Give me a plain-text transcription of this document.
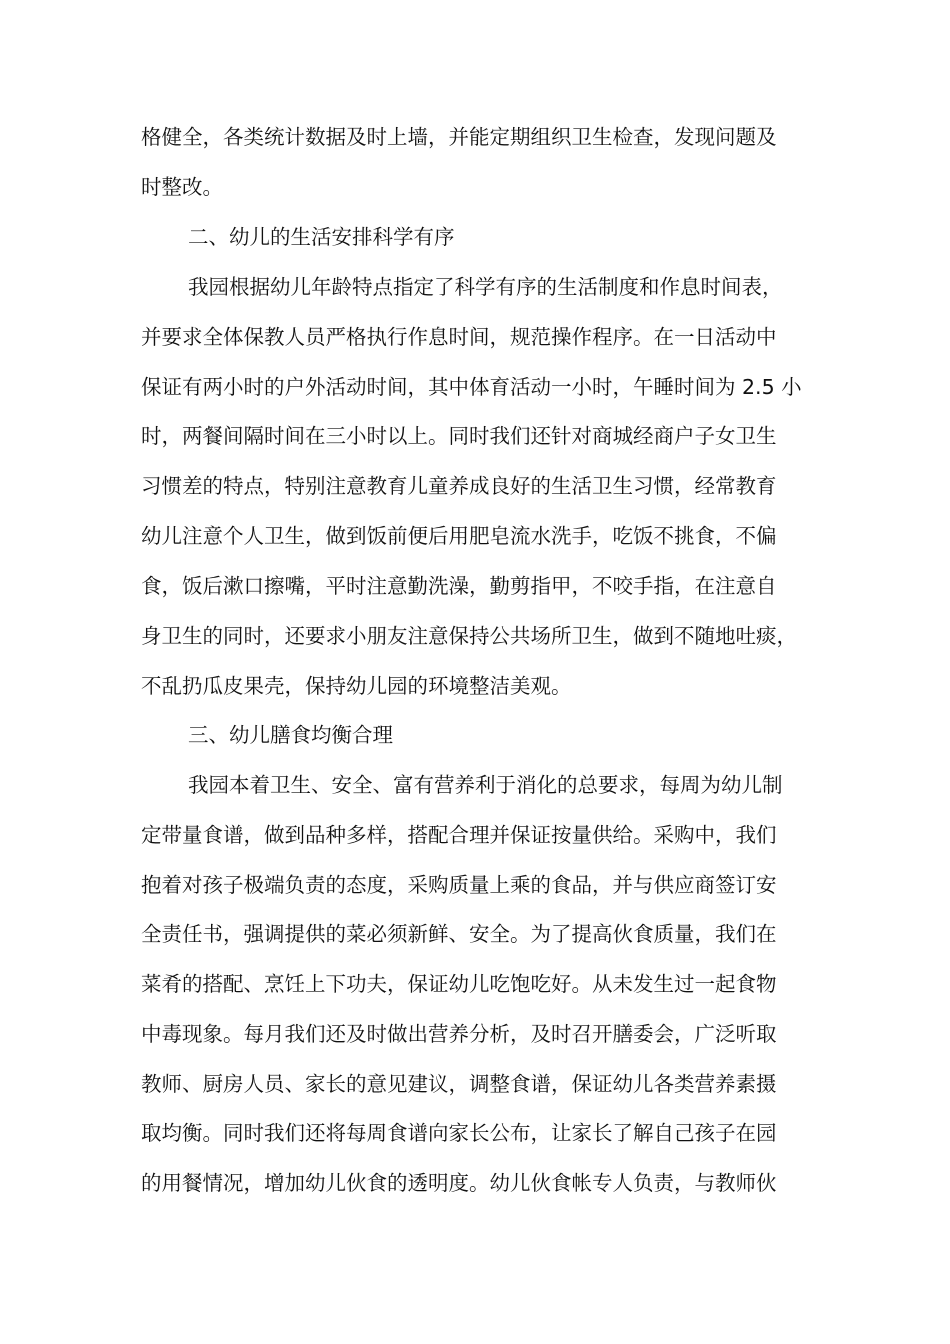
格健全，各类统计数据及时上墙，并能定期组织卫生检查，发现问题及
时整改。
二、幼儿的生活安排科学有序
我园根据幼儿年龄特点指定了科学有序的生活制度和作息时间表，
并要求全体保教人员严格执行作息时间，规范操作程序。在一日活动中
保证有两小时的户外活动时间，其中体育活动一小时，午睡时间为 2.5 小
时，两餐间隔时间在三小时以上。同时我们还针对商城经商户子女卫生
习惯差的特点，特别注意教育儿童养成良好的生活卫生习惯，经常教育
幼儿注意个人卫生，做到饭前便后用肥皂流水洗手，吃饭不挑食，不偏
食，饭后漱口擦嘴，平时注意勤洗澡，勤剪指甲，不咬手指，在注意自
身卫生的同时，还要求小朋友注意保持公共场所卫生，做到不随地吐痰，
不乱扔瓜皮果壳，保持幼儿园的环境整洁美观。
三、幼儿膳食均衡合理
我园本着卫生、安全、富有营养利于消化的总要求，每周为幼儿制
定带量食谱，做到品种多样，搭配合理并保证按量供给。采购中，我们
抱着对孩子极端负责的态度，采购质量上乘的食品，并与供应商签订安
全责任书，强调提供的菜必须新鲜、安全。为了提高伙食质量，我们在
菜肴的搭配、烹饪上下功夫，保证幼儿吃饱吃好。从未发生过一起食物
中毒现象。每月我们还及时做出营养分析，及时召开膳委会，广泛听取
教师、厨房人员、家长的意见建议，调整食谱，保证幼儿各类营养素摄
取均衡。同时我们还将每周食谱向家长公布，让家长了解自己孩子在园
的用餐情况，增加幼儿伙食的透明度。幼儿伙食帐专人负责，与教师伙
